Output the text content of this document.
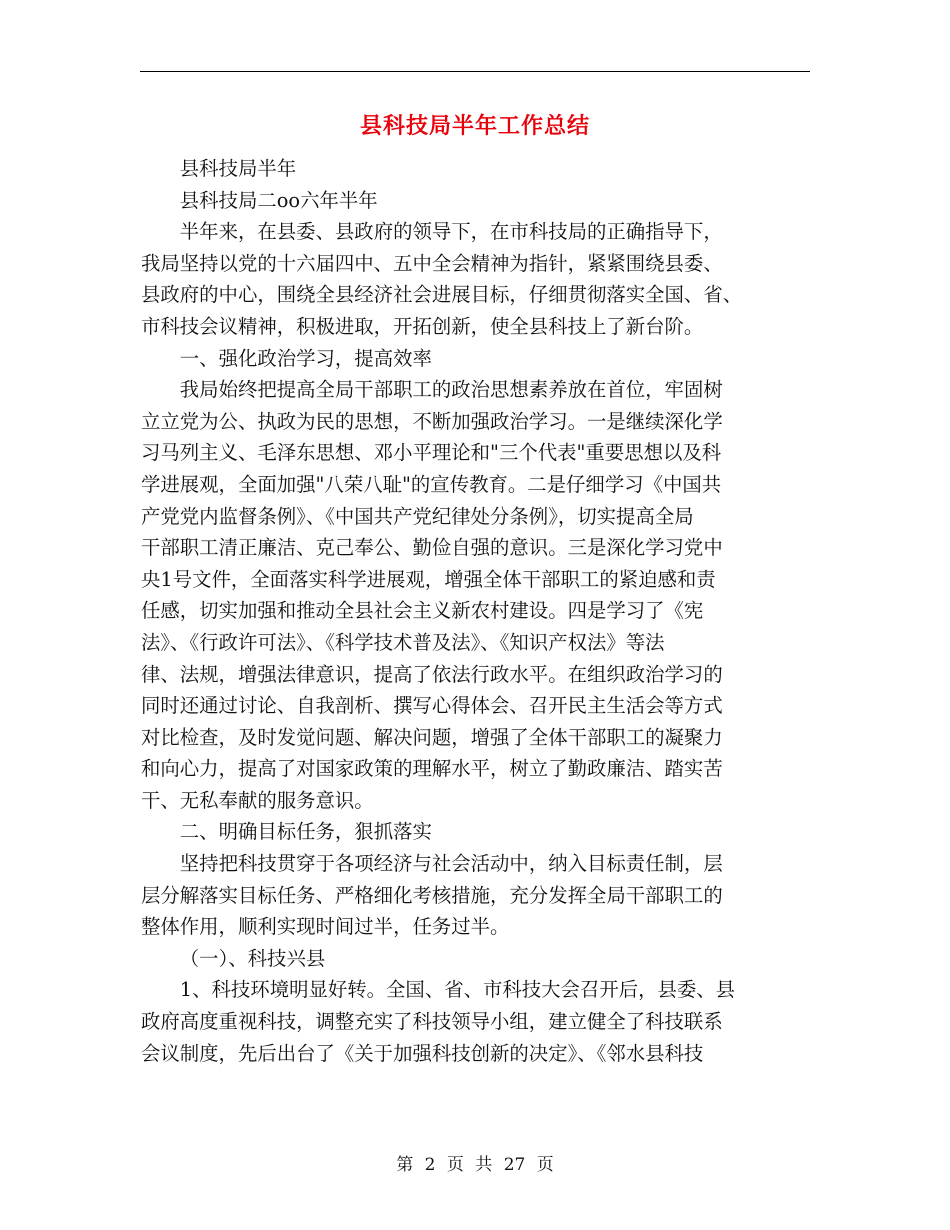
县科技局半年工作总结
县科技局半年
县科技局二oo六年半年
半年来，在县委、县政府的领导下，在市科技局的正确指导下，
我局坚持以党的十六届四中、五中全会精神为指针，紧紧围绕县委、
县政府的中心，围绕全县经济社会进展目标，仔细贯彻落实全国、省、
市科技会议精神，积极进取，开拓创新，使全县科技上了新台阶。
一、强化政治学习，提高效率
我局始终把提高全局干部职工的政治思想素养放在首位，牢固树
立立党为公、执政为民的思想，不断加强政治学习。一是继续深化学
习马列主义、毛泽东思想、邓小平理论和"三个代表"重要思想以及科
学进展观，全面加强"八荣八耻"的宣传教育。二是仔细学习《中国共
产党党内监督条例》、《中国共产党纪律处分条例》，切实提高全局
干部职工清正廉洁、克己奉公、勤俭自强的意识。三是深化学习党中
央1号文件，全面落实科学进展观，增强全体干部职工的紧迫感和责
任感，切实加强和推动全县社会主义新农村建设。四是学习了《宪
法》、《行政许可法》、《科学技术普及法》、《知识产权法》等法
律、法规，增强法律意识，提高了依法行政水平。在组织政治学习的
同时还通过讨论、自我剖析、撰写心得体会、召开民主生活会等方式
对比检查，及时发觉问题、解决问题，增强了全体干部职工的凝聚力
和向心力，提高了对国家政策的理解水平，树立了勤政廉洁、踏实苦
干、无私奉献的服务意识。
二、明确目标任务，狠抓落实
坚持把科技贯穿于各项经济与社会活动中，纳入目标责任制，层
层分解落实目标任务、严格细化考核措施，充分发挥全局干部职工的
整体作用，顺利实现时间过半，任务过半。
（一）、科技兴县
1、科技环境明显好转。全国、省、市科技大会召开后，县委、县
政府高度重视科技，调整充实了科技领导小组，建立健全了科技联系
会议制度，先后出台了《关于加强科技创新的决定》、《邻水县科技
第 2 页 共 27 页
